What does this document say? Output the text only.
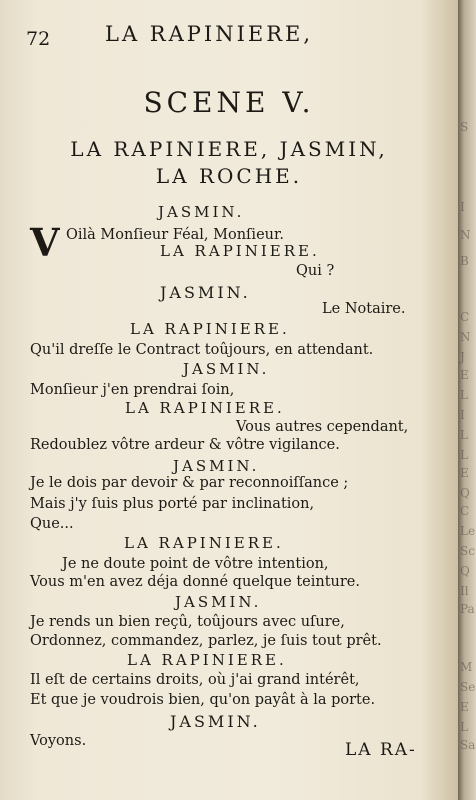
72	LA RAPINIERE,
SCENE V.
LA RAPINIERE, JASMIN,
LA ROCHE.
V
JASMIN.
Oilà Monſieur Féal, Monſieur.
LA RAPINIERE.
Qui ?
JASMIN.
Le Notaire.
LA RAPINIERE.
Qu'il dreſſe le Contract toûjours, en attendant.
JASMIN.
Monſieur j'en prendrai ſoin,
LA RAPINIERE.
Vous autres cependant,
Redoublez vôtre ardeur & vôtre vigilance.
JASMIN.
Je le dois par devoir & par reconnoiſſance ;
Mais j'y ſuis plus porté par inclination,
Que...
LA RAPINIERE.
Je ne doute point de vôtre intention,
Vous m'en avez déja donné quelque teinture.
JASMIN.
Je rends un bien reçû, toûjours avec uſure,
Ordonnez, commandez, parlez, je ſuis tout prêt.
LA RAPINIERE.
Il eſt de certains droits, où j'ai grand intérêt,
Et que je voudrois bien, qu'on payât à la porte.
JASMIN.
Voyons.	LA RA-
S
I
N
B
C
N
J
E
L
I
L
L
E
Q
C
Le
Sc
Q
Il
Pa
M
Se
E
L
Sa
